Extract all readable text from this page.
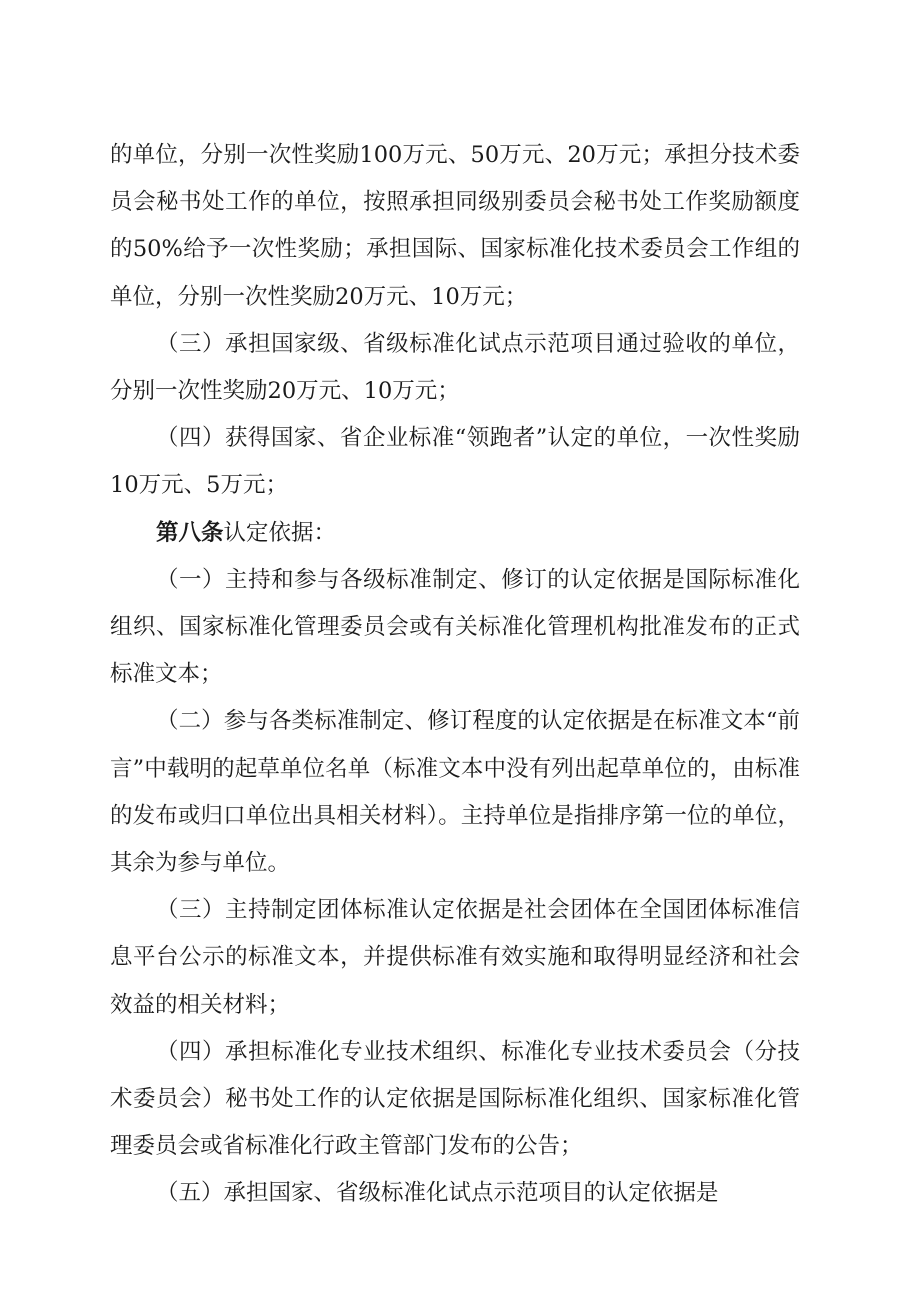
的单位，分别一次性奖励100万元、50万元、20万元；承担分技术委员会秘书处工作的单位，按照承担同级别委员会秘书处工作奖励额度的50%给予一次性奖励；承担国际、国家标准化技术委员会工作组的单位，分别一次性奖励20万元、10万元；

（三）承担国家级、省级标准化试点示范项目通过验收的单位，分别一次性奖励20万元、10万元；

（四）获得国家、省企业标准“领跑者”认定的单位，一次性奖励10万元、5万元；

第八条认定依据：

（一）主持和参与各级标准制定、修订的认定依据是国际标准化组织、国家标准化管理委员会或有关标准化管理机构批准发布的正式标准文本；

（二）参与各类标准制定、修订程度的认定依据是在标准文本“前言”中载明的起草单位名单（标准文本中没有列出起草单位的，由标准的发布或归口单位出具相关材料）。主持单位是指排序第一位的单位，其余为参与单位。

（三）主持制定团体标准认定依据是社会团体在全国团体标准信息平台公示的标准文本，并提供标准有效实施和取得明显经济和社会效益的相关材料；

（四）承担标准化专业技术组织、标准化专业技术委员会（分技术委员会）秘书处工作的认定依据是国际标准化组织、国家标准化管理委员会或省标准化行政主管部门发布的公告；

（五）承担国家、省级标准化试点示范项目的认定依据是
